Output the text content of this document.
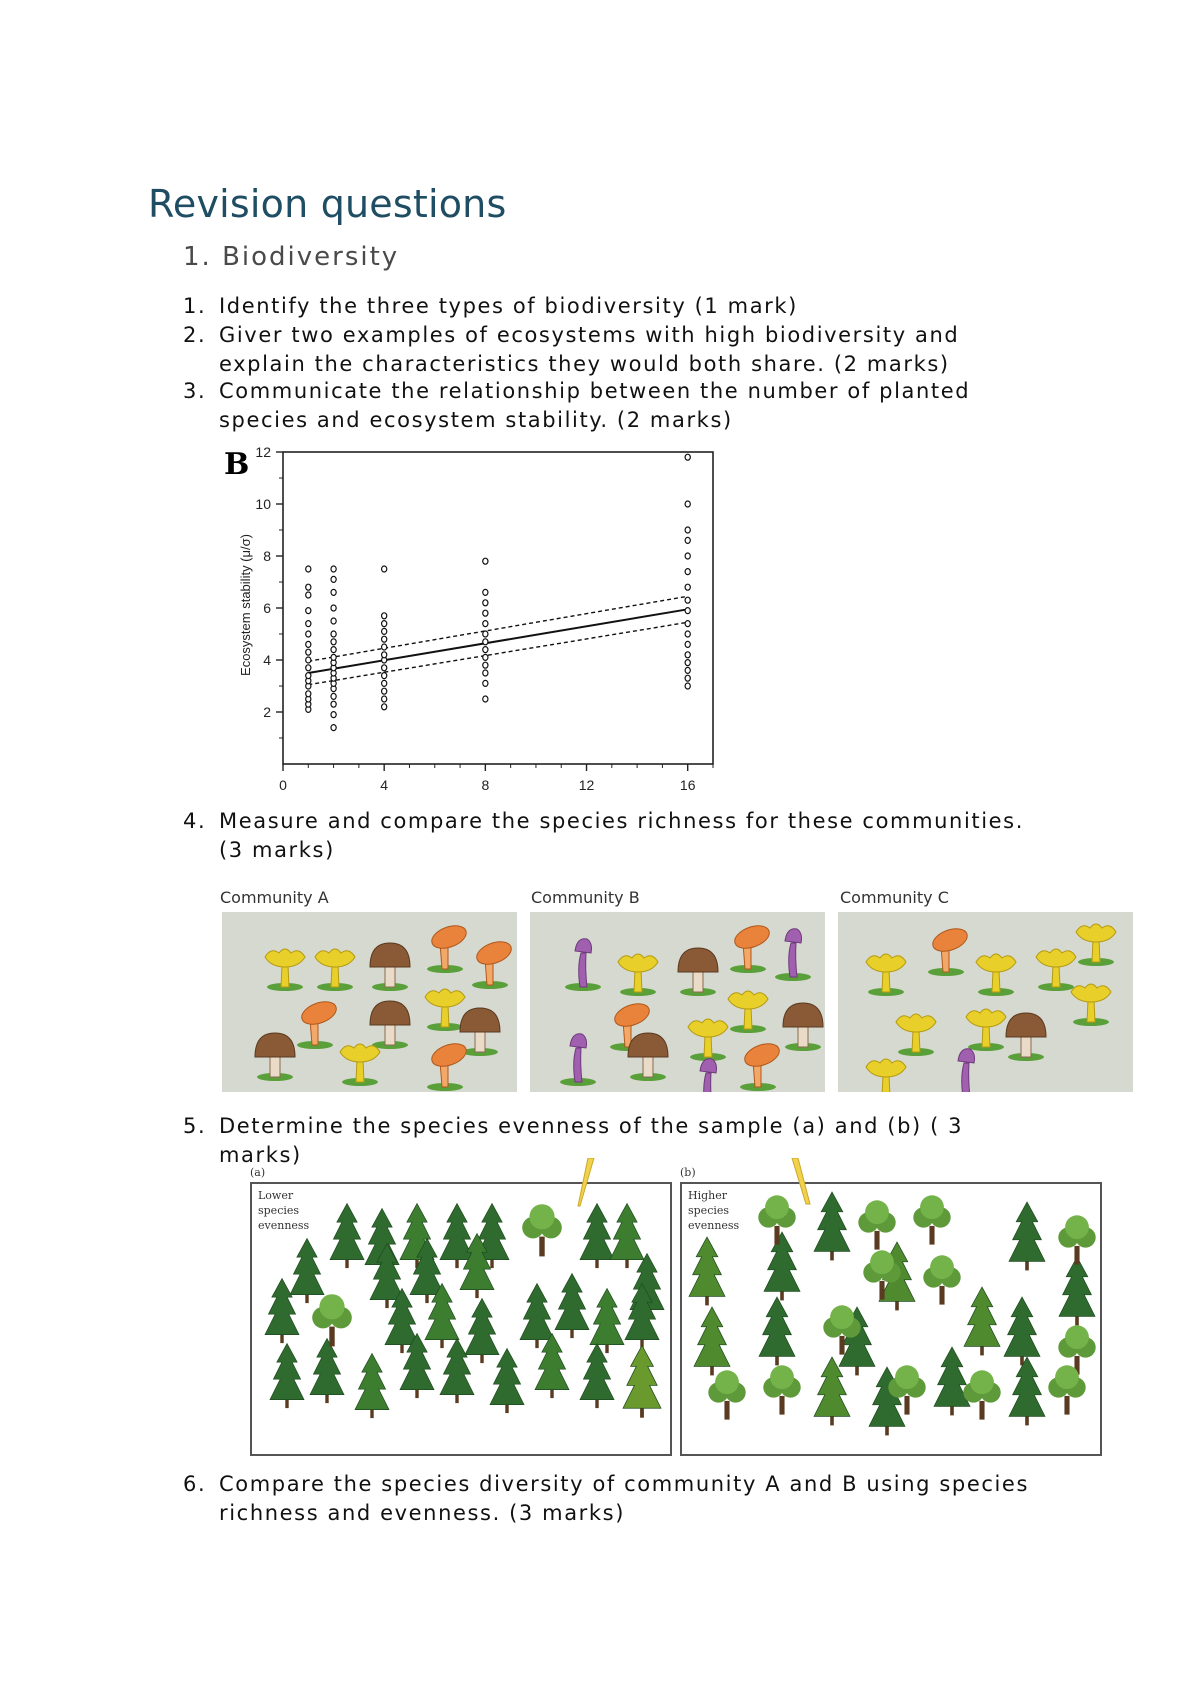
Revision questions
1. Biodiversity
1. Identify the three types of biodiversity (1 mark)
2. Giver two examples of ecosystems with high biodiversity and explain the characteristics they would both share. (2 marks)
3. Communicate the relationship between the number of planted species and ecosystem stability. (2 marks)
B
Ecosystem stability (μ/σ)
2
4
6
8
10
12
0	4	8	12	16
4. Measure and compare the species richness for these communities. (3 marks)
Community A	Community B	Community C
5. Determine the species evenness of the sample (a) and (b) ( 3 marks)
(a)	(b)
Lower
species
evenness
Higher
species
evenness
6. Compare the species diversity of community A and B using species richness and evenness. (3 marks)
